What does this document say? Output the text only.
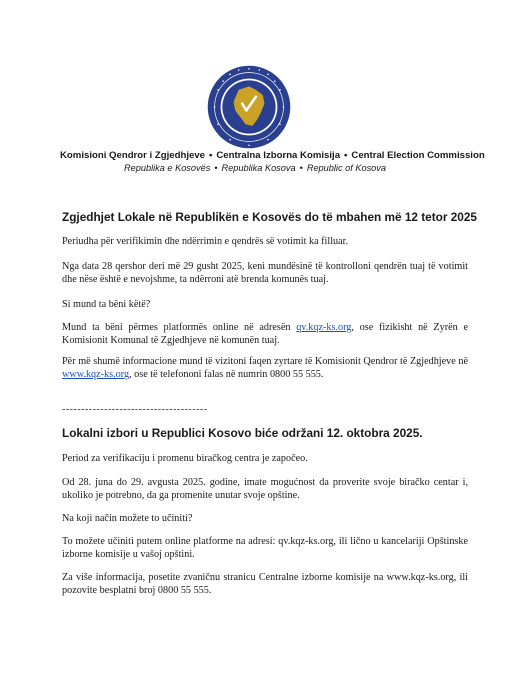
Komisioni Qendror i Zgjedhjeve • Centralna Izborna Komisija • Central Election Commission
Republika e Kosovës • Republika Kosova • Republic of Kosova

Zgjedhjet Lokale në Republikën e Kosovës do të mbahen më 12 tetor 2025

Periudha për verifikimin dhe ndërrimin e qendrës së votimit ka filluar.

Nga data 28 qershor deri më 29 gusht 2025, keni mundësinë të kontrolloni qendrën tuaj të votimit dhe nëse është e nevojshme, ta ndërroni atë brenda komunës tuaj.

Si mund ta bëni këtë?

Mund ta bëni përmes platformës online në adresën qv.kqz-ks.org, ose fizikisht në Zyrën e Komisionit Komunal të Zgjedhjeve në komunën tuaj.

Për më shumë informacione mund të vizitoni faqen zyrtare të Komisionit Qendror të Zgjedhjeve në www.kqz-ks.org, ose të telefononi falas në numrin 0800 55 555.

--------------------------------------

Lokalni izbori u Republici Kosovo biće održani 12. oktobra 2025.

Period za verifikaciju i promenu biračkog centra je započeo.

Od 28. juna do 29. avgusta 2025. godine, imate mogućnost da proverite svoje biračko centar i, ukoliko je potrebno, da ga promenite unutar svoje opštine.

Na koji način možete to učiniti?

To možete učiniti putem online platforme na adresi: qv.kqz-ks.org, ili lično u kancelariji Opštinske izborne komisije u vašoj opštini.

Za više informacija, posetite zvaničnu stranicu Centralne izborne komisije na www.kqz-ks.org, ili pozovite besplatni broj 0800 55 555.
